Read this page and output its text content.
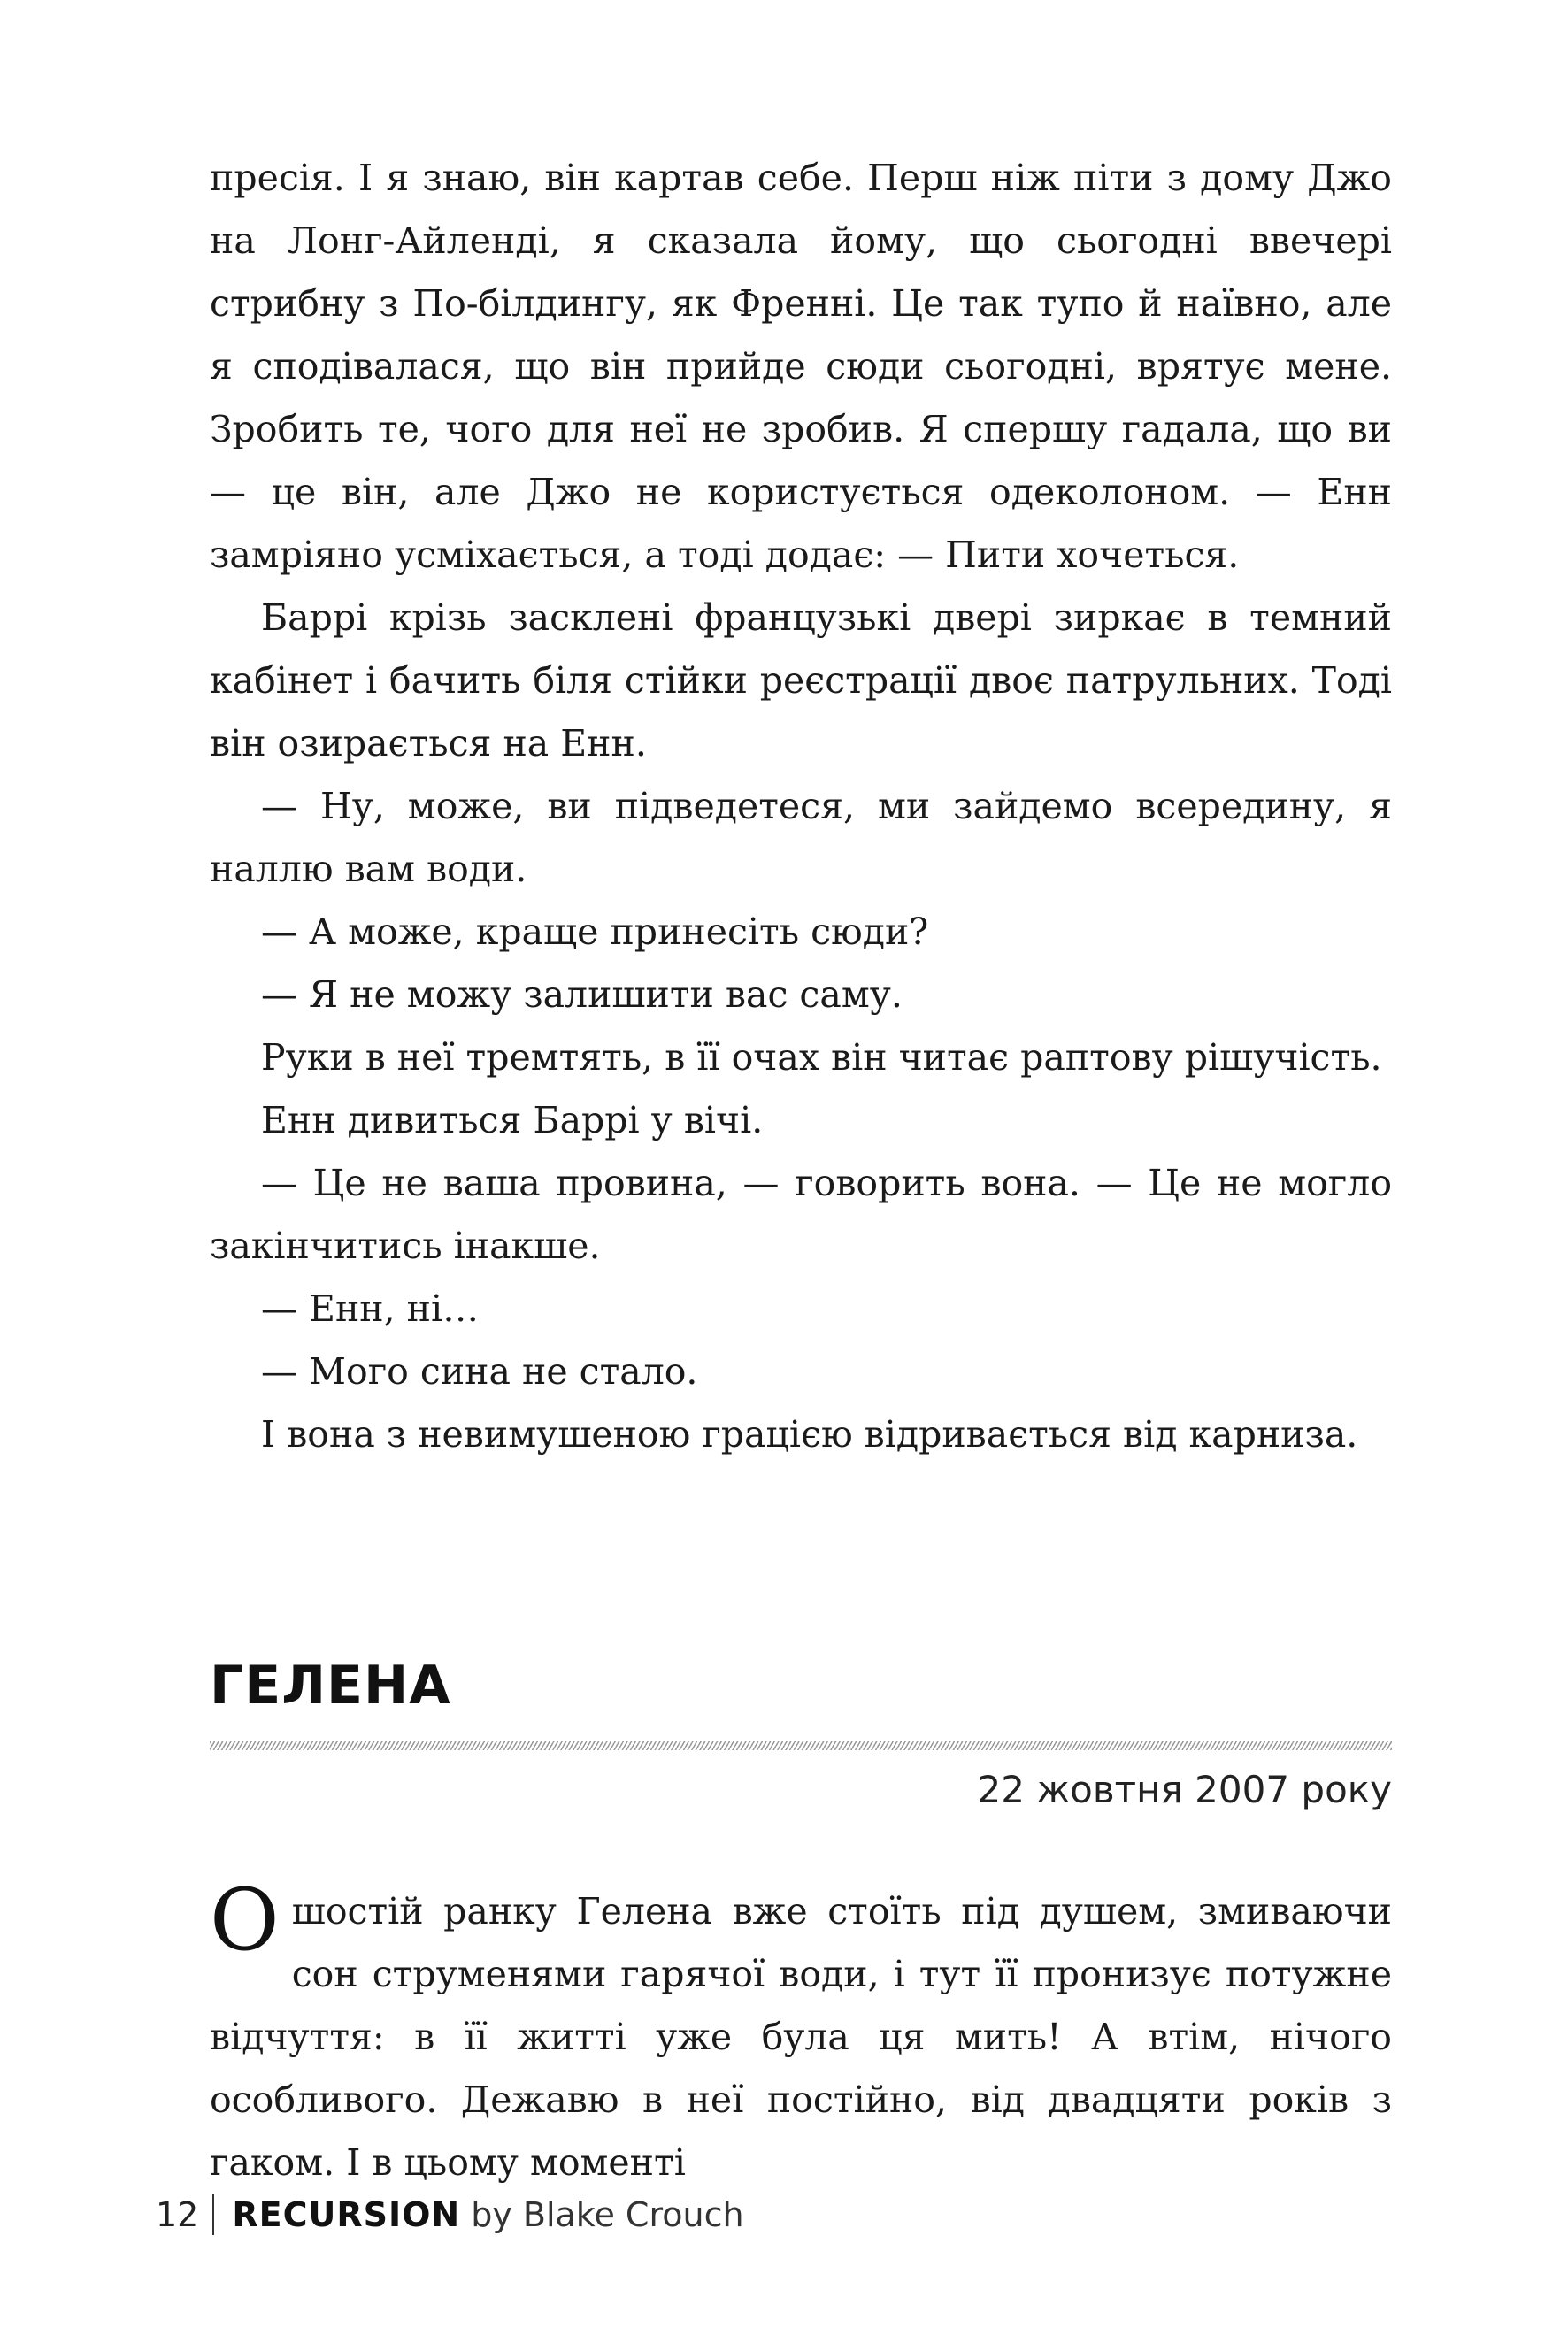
пресія. І я знаю, він картав себе. Перш ніж піти з дому Джо на Лонг-Айленді, я сказала йому, що сьогодні ввечері стрибну з По-білдингу, як Френні. Це так тупо й наївно, але я сподівалася, що він прийде сюди сьогодні, врятує мене. Зробить те, чого для неї не зробив. Я спершу гадала, що ви — це він, але Джо не користується одеколоном. — Енн замріяно усміхається, а тоді додає: — Пити хочеться.

Баррі крізь засклені французькі двері зиркає в темний кабінет і бачить біля стійки реєстрації двоє патрульних. Тоді він озирається на Енн.

— Ну, може, ви підведетеся, ми зайдемо всередину, я наллю вам води.

— А може, краще принесіть сюди?

— Я не можу залишити вас саму.

Руки в неї тремтять, в її очах він читає раптову рішучість.

Енн дивиться Баррі у вічі.

— Це не ваша провина, — говорить вона. — Це не могло закінчитись інакше.

— Енн, ні…

— Мого сина не стало.

І вона з невимушеною грацією відривається від карниза.

ГЕЛЕНА
22 жовтня 2007 року

Ошостій ранку Гелена вже стоїть під душем, змиваючи сон струменями гарячої води, і тут її пронизує потужне відчуття: в її житті уже була ця мить! А втім, нічого особливого. Дежавю в неї постійно, від двадцяти років з гаком. І в цьому моменті

12 RECURSION by Blake Crouch
